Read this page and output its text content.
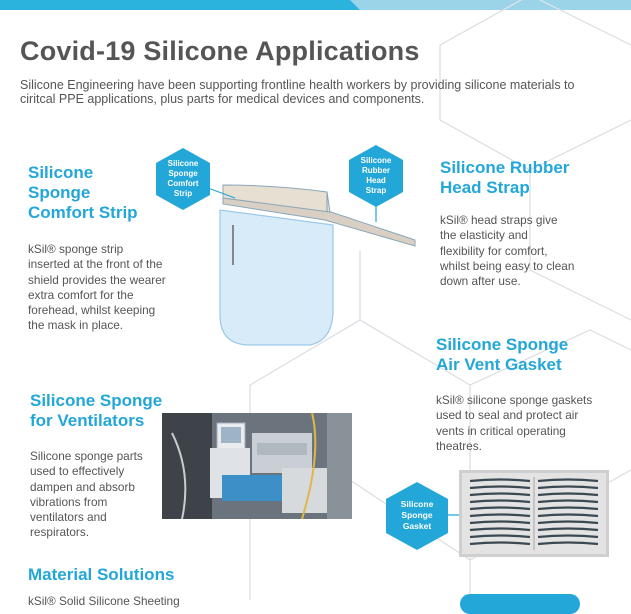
Covid-19 Silicone Applications

Silicone Engineering have been supporting frontline health workers by providing silicone materials to ciritcal PPE applications, plus parts for medical devices and components.

Silicone Sponge Comfort Strip

kSil® sponge strip inserted at the front of the shield provides the wearer extra comfort for the forehead, whilst keeping the mask in place.

Silicone Rubber Head Strap

kSil® head straps give the elasticity and flexibility for comfort, whilst being easy to clean down after use.

Silicone Sponge Air Vent Gasket

kSil® silicone sponge gaskets used to seal and protect air vents in critical operating theatres.

Silicone Sponge for Ventilators

Silicone sponge parts used to effectively dampen and absorb vibrations from ventilators and respirators.

Material Solutions

kSil® Solid Silicone Sheeting

Silicone Sponge Comfort Strip
Silicone Rubber Head Strap
Silicone Sponge Gasket
